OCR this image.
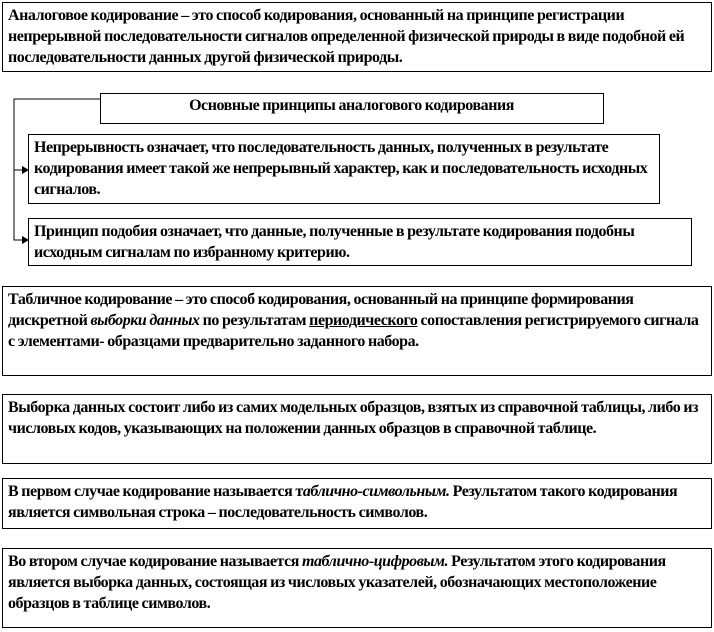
Аналоговое кодирование – это способ кодирования, основанный на принципе регистрации непрерывной последовательности сигналов определенной физической природы в виде подобной ей последовательности данных другой физической природы.
Основные принципы аналогового кодирования
Непрерывность означает, что последовательность данных, полученных в результате кодирования имеет такой же непрерывный характер, как и последовательность исходных сигналов.
Принцип подобия означает, что данные, полученные в результате кодирования подобны исходным сигналам по избранному критерию.
Табличное кодирование – это способ кодирования, основанный на принципе формирования дискретной выборки данных по результатам периодического сопоставления регистрируемого сигнала с элементами- образцами предварительно заданного набора.
Выборка данных состоит либо из самих модельных образцов, взятых из справочной таблицы, либо из числовых кодов, указывающих на положении данных образцов в справочной таблице.
В первом случае кодирование называется таблично-символьным. Результатом такого кодирования является символьная строка – последовательность символов.
Во втором случае кодирование называется таблично-цифровым. Результатом этого кодирования является выборка данных, состоящая из числовых указателей, обозначающих местоположение образцов в таблице символов.
